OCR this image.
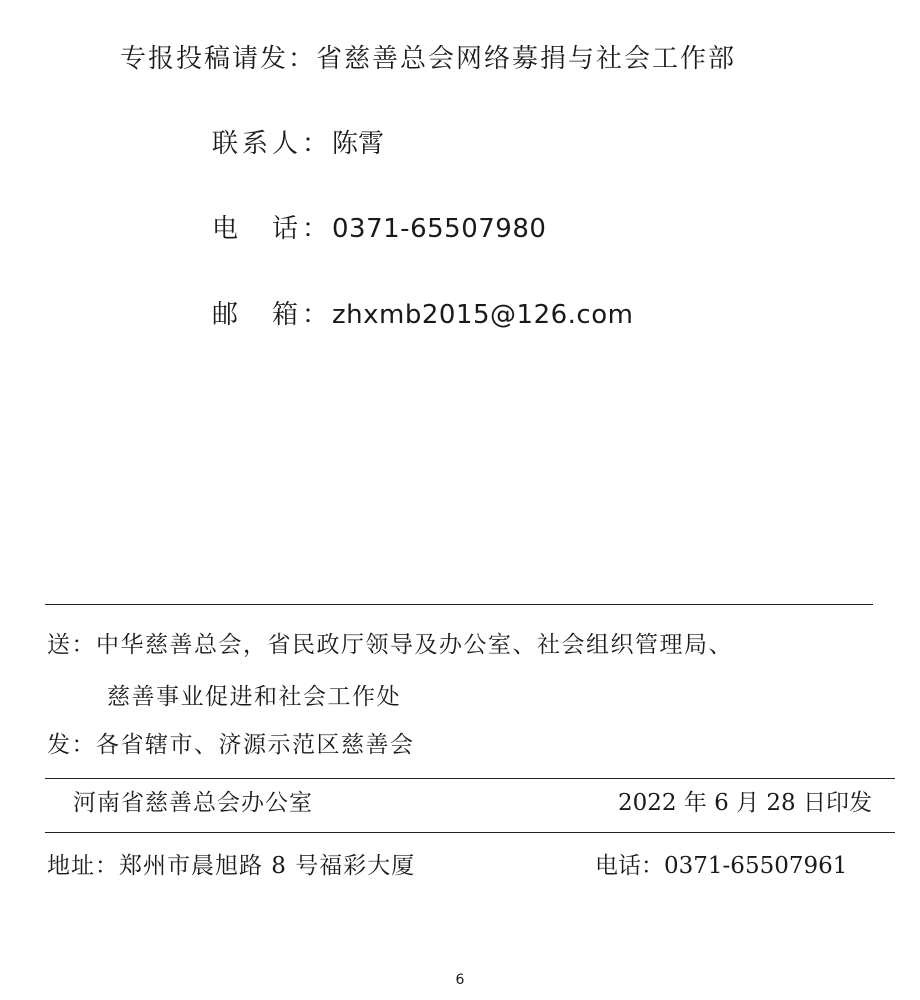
专报投稿请发：省慈善总会网络募捐与社会工作部
联系人：陈霄
电　话：0371-65507980
邮　箱：zhxmb2015@126.com
送：中华慈善总会，省民政厅领导及办公室、社会组织管理局、
慈善事业促进和社会工作处
发：各省辖市、济源示范区慈善会
河南省慈善总会办公室	2022 年 6 月 28 日印发
地址：郑州市晨旭路 8 号福彩大厦	电话：0371-65507961
6
